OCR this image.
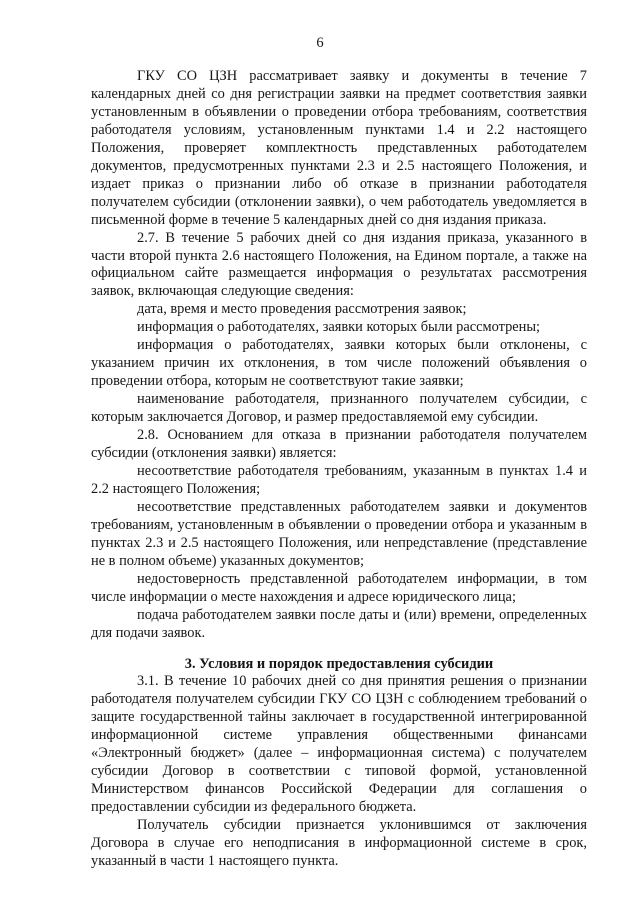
6

ГКУ СО ЦЗН рассматривает заявку и документы в течение 7 календарных дней со дня регистрации заявки на предмет соответствия заявки установленным в объявлении о проведении отбора требованиям, соответствия работодателя условиям, установленным пунктами 1.4 и 2.2 настоящего Положения, проверяет комплектность представленных работодателем документов, предусмотренных пунктами 2.3 и 2.5 настоящего Положения, и издает приказ о признании либо об отказе в признании работодателя получателем субсидии (отклонении заявки), о чем работодатель уведомляется в письменной форме в течение 5 календарных дней со дня издания приказа.

2.7. В течение 5 рабочих дней со дня издания приказа, указанного в части второй пункта 2.6 настоящего Положения, на Едином портале, а также на официальном сайте размещается информация о результатах рассмотрения заявок, включающая следующие сведения:

дата, время и место проведения рассмотрения заявок;

информация о работодателях, заявки которых были рассмотрены;

информация о работодателях, заявки которых были отклонены, с указанием причин их отклонения, в том числе положений объявления о проведении отбора, которым не соответствуют такие заявки;

наименование работодателя, признанного получателем субсидии, с которым заключается Договор, и размер предоставляемой ему субсидии.

2.8. Основанием для отказа в признании работодателя получателем субсидии (отклонения заявки) является:

несоответствие работодателя требованиям, указанным в пунктах 1.4 и 2.2 настоящего Положения;

несоответствие представленных работодателем заявки и документов требованиям, установленным в объявлении о проведении отбора и указанным в пунктах 2.3 и 2.5 настоящего Положения, или непредставление (представление не в полном объеме) указанных документов;

недостоверность представленной работодателем информации, в том числе информации о месте нахождения и адресе юридического лица;

подача работодателем заявки после даты и (или) времени, определенных для подачи заявок.

3. Условия и порядок предоставления субсидии

3.1. В течение 10 рабочих дней со дня принятия решения о признании работодателя получателем субсидии ГКУ СО ЦЗН с соблюдением требований о защите государственной тайны заключает в государственной интегрированной информационной системе управления общественными финансами «Электронный бюджет» (далее – информационная система) с получателем субсидии Договор в соответствии с типовой формой, установленной Министерством финансов Российской Федерации для соглашения о предоставлении субсидии из федерального бюджета.

Получатель субсидии признается уклонившимся от заключения Договора в случае его неподписания в информационной системе в срок, указанный в части 1 настоящего пункта.
